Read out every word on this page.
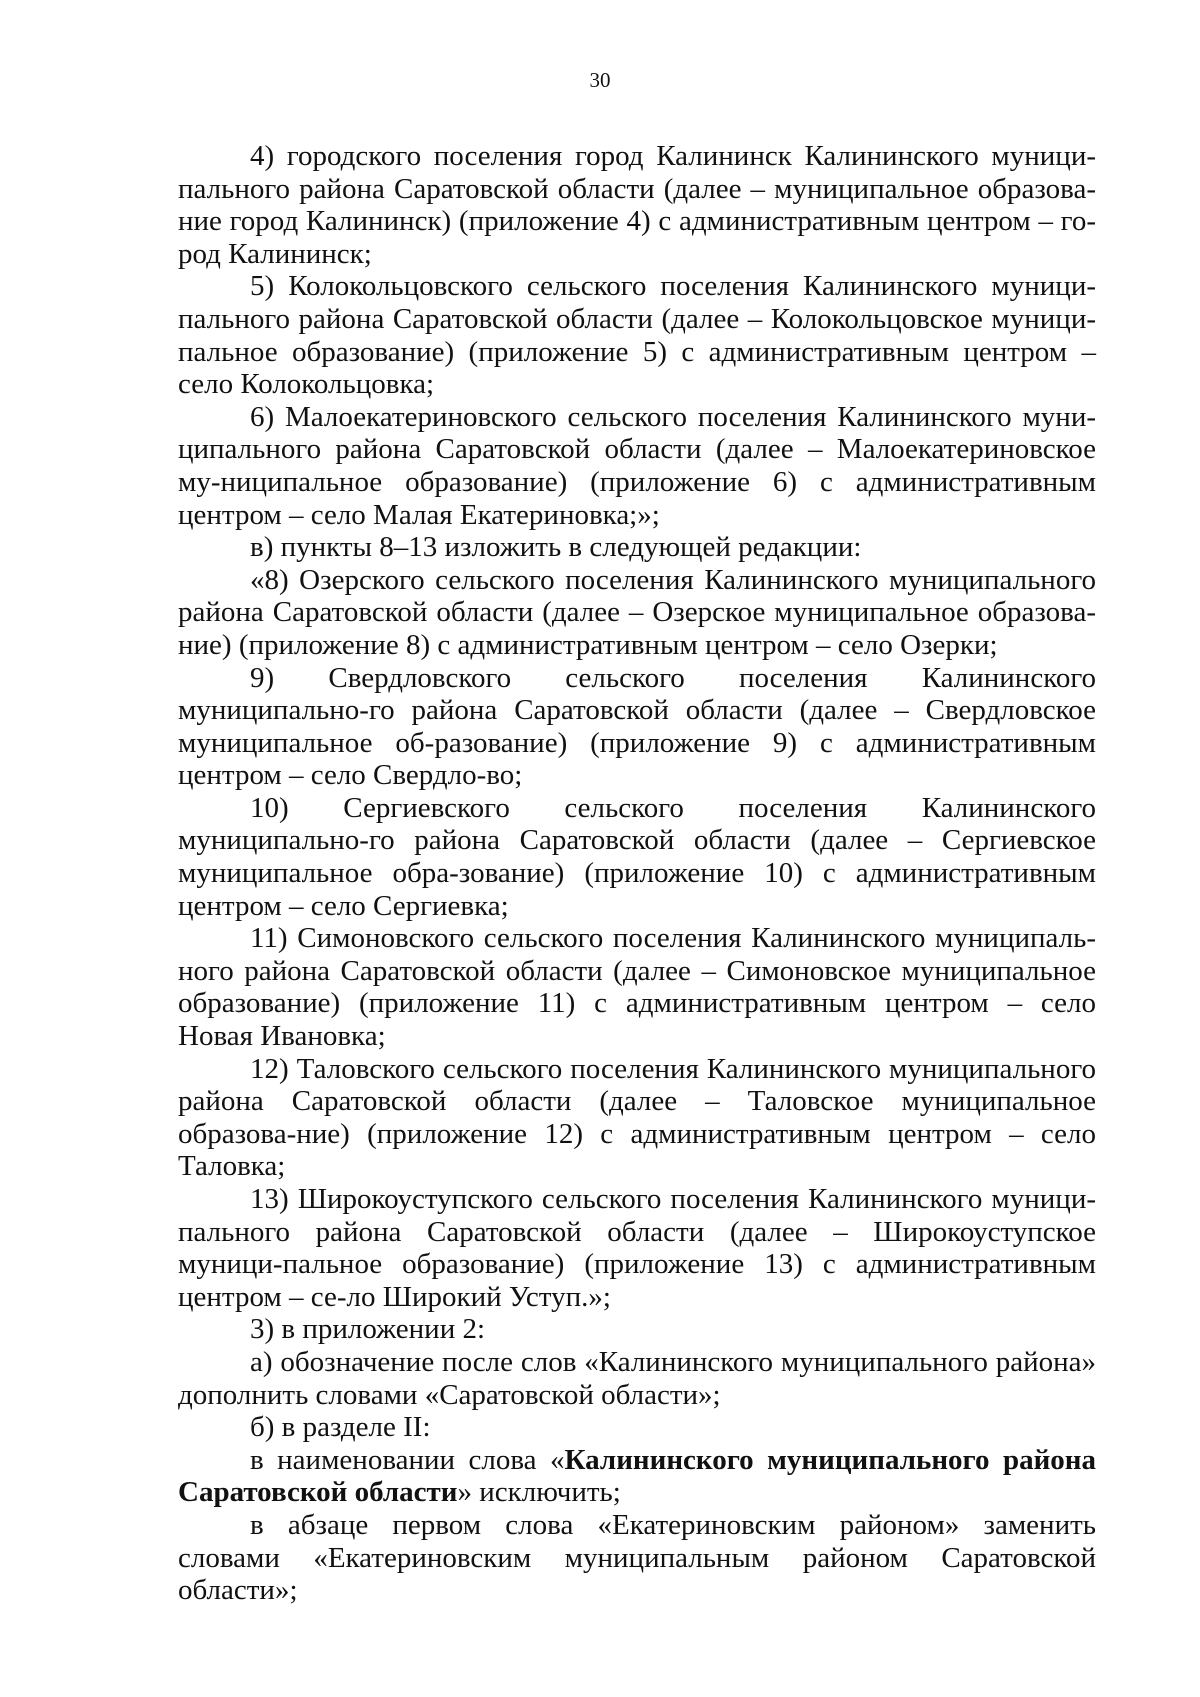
30

4) городского поселения город Калининск Калининского муници-пального района Саратовской области (далее – муниципальное образова-ние город Калининск) (приложение 4) с административным центром – го-род Калининск;

5) Колокольцовского сельского поселения Калининского муници-пального района Саратовской области (далее – Колокольцовское муници-пальное образование) (приложение 5) с административным центром – село Колокольцовка;

6) Малоекатериновского сельского поселения Калининского муни-ципального района Саратовской области (далее – Малоекатериновское му-ниципальное образование) (приложение 6) с административным центром – село Малая Екатериновка;»;

в) пункты 8–13 изложить в следующей редакции:

«8) Озерского сельского поселения Калининского муниципального района Саратовской области (далее – Озерское муниципальное образова-ние) (приложение 8) с административным центром – село Озерки;

9) Свердловского сельского поселения Калининского муниципально-го района Саратовской области (далее – Свердловское муниципальное об-разование) (приложение 9) с административным центром – село Свердло-во;

10) Сергиевского сельского поселения Калининского муниципально-го района Саратовской области (далее – Сергиевское муниципальное обра-зование) (приложение 10) с административным центром – село Сергиевка;

11) Симоновского сельского поселения Калининского муниципаль-ного района Саратовской области (далее – Симоновское муниципальное образование) (приложение 11) с административным центром – село Новая Ивановка;

12) Таловского сельского поселения Калининского муниципального района Саратовской области (далее – Таловское муниципальное образова-ние) (приложение 12) с административным центром – село Таловка;

13) Широкоуступского сельского поселения Калининского муници-пального района Саратовской области (далее – Широкоуступское муници-пальное образование) (приложение 13) с административным центром – се-ло Широкий Уступ.»;

3) в приложении 2:

а) обозначение после слов «Калининского муниципального района» дополнить словами «Саратовской области»;

б) в разделе II:

в наименовании слова «Калининского муниципального района Саратовской области» исключить;

в абзаце первом слова «Екатериновским районом» заменить словами «Екатериновским муниципальным районом Саратовской области»;
